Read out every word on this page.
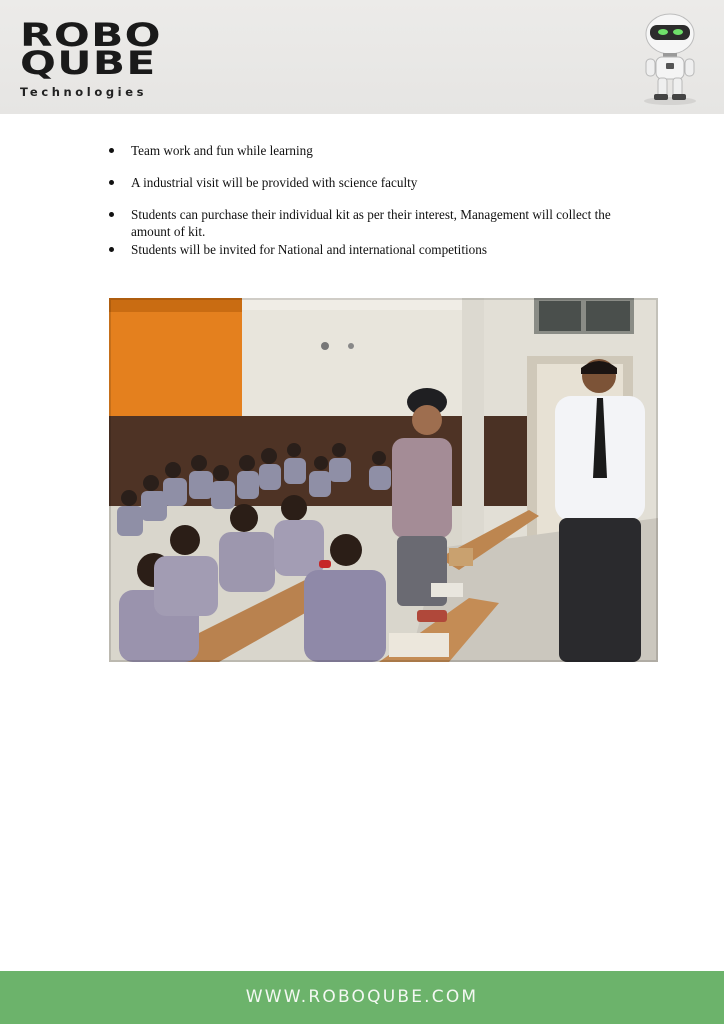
ROBO
QUBE
Technologies
Team work and fun while learning
A industrial visit will be provided with science faculty
Students can purchase their individual kit as per their interest, Management will collect the amount of kit.
Students will be invited for National and international competitions
WWW.ROBOQUBE.COM
